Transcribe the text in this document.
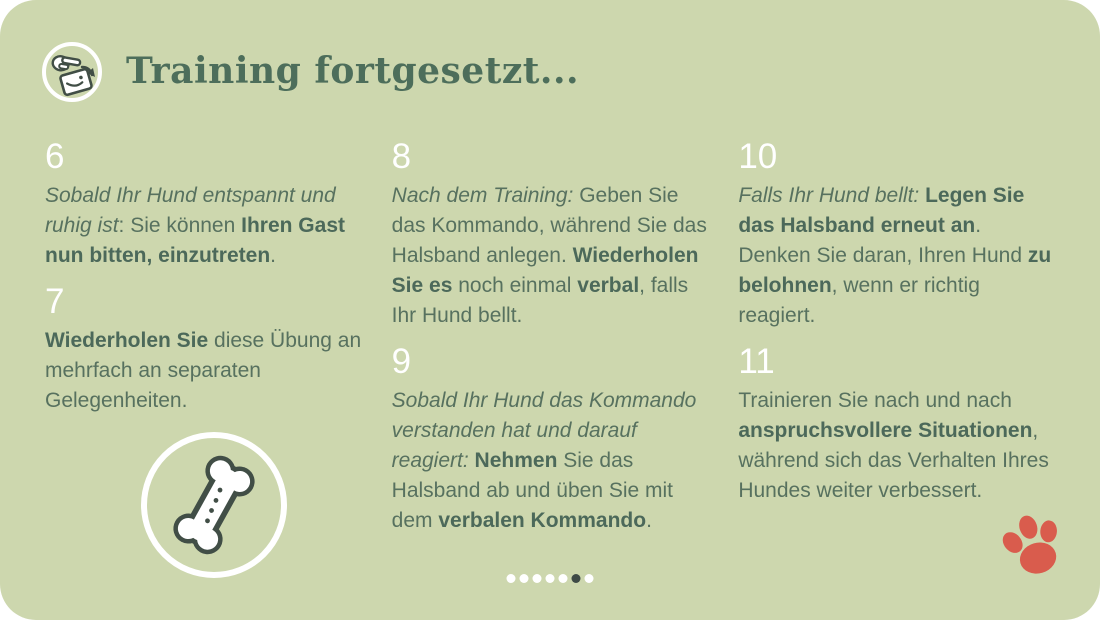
Training fortgesetzt...
6

Sobald Ihr Hund entspannt und ruhig ist: Sie können Ihren Gast nun bitten, einzutreten.

7

Wiederholen Sie diese Übung an mehrfach an separaten Gelegenheiten.

8

Nach dem Training: Geben Sie das Kommando, während Sie das Halsband anlegen. Wiederholen Sie es noch einmal verbal, falls Ihr Hund bellt.

9

Sobald Ihr Hund das Kommando verstanden hat und darauf reagiert: Nehmen Sie das Halsband ab und üben Sie mit dem verbalen Kommando.

10

Falls Ihr Hund bellt: Legen Sie das Halsband erneut an. Denken Sie daran, Ihren Hund zu belohnen, wenn er richtig reagiert.

11

Trainieren Sie nach und nach anspruchsvollere Situationen, während sich das Verhalten Ihres Hundes weiter verbessert.
